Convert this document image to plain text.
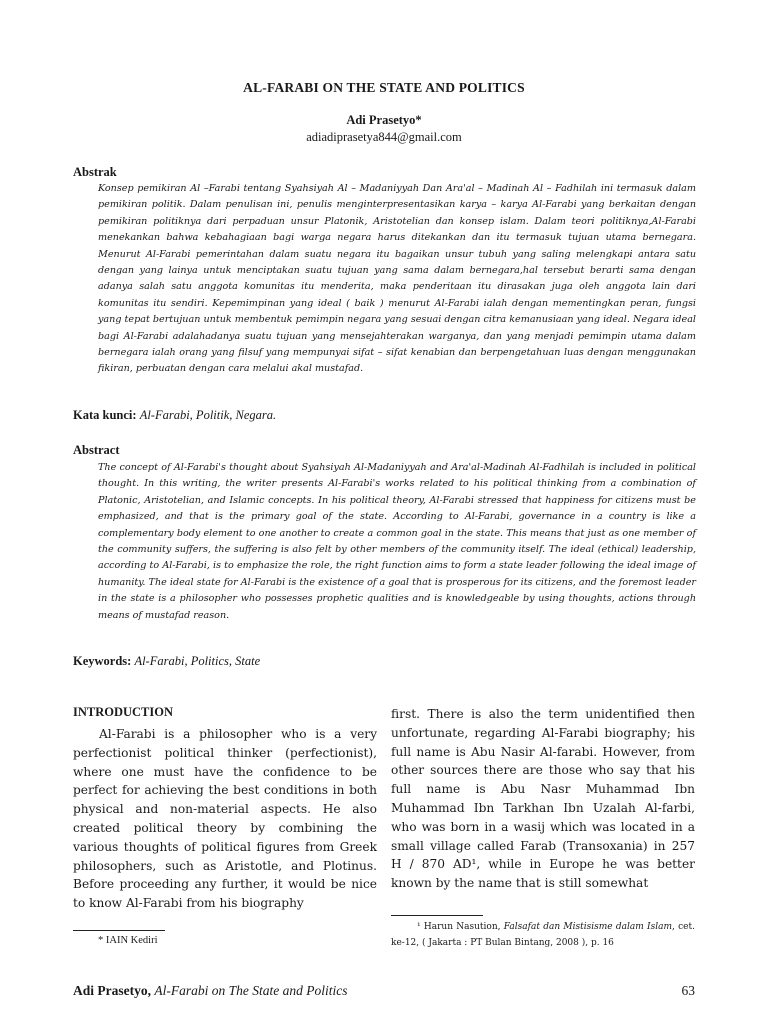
AL-FARABI ON THE STATE AND POLITICS
Adi Prasetyo*
adiadiprasetya844@gmail.com
Abstrak

Konsep pemikiran Al –Farabi tentang Syahsiyah Al – Madaniyyah Dan Ara'al – Madinah Al – Fadhilah ini termasuk dalam pemikiran politik. Dalam penulisan ini, penulis menginterpresentasikan karya – karya Al-Farabi yang berkaitan dengan pemikiran politiknya dari perpaduan unsur Platonik, Aristotelian dan konsep islam. Dalam teori politiknya,Al-Farabi menekankan bahwa kebahagiaan bagi warga negara harus ditekankan dan itu termasuk tujuan utama bernegara. Menurut Al-Farabi pemerintahan dalam suatu negara itu bagaikan unsur tubuh yang saling melengkapi antara satu dengan yang lainya untuk menciptakan suatu tujuan yang sama dalam bernegara,hal tersebut berarti sama dengan adanya salah satu anggota komunitas itu menderita, maka penderitaan itu dirasakan juga oleh anggota lain dari komunitas itu sendiri. Kepemimpinan yang ideal ( baik ) menurut Al-Farabi ialah dengan mementingkan peran, fungsi yang tepat bertujuan untuk membentuk pemimpin negara yang sesuai dengan citra kemanusiaan yang ideal. Negara ideal bagi Al-Farabi adalahadanya suatu tujuan yang mensejahterakan warganya, dan yang menjadi pemimpin utama dalam bernegara ialah orang yang filsuf yang mempunyai sifat – sifat kenabian dan berpengetahuan luas dengan menggunakan fikiran, perbuatan dengan cara melalui akal mustafad.

Kata kunci: Al-Farabi, Politik, Negara.
Abstract

The concept of Al-Farabi's thought about Syahsiyah Al-Madaniyyah and Ara'al-Madinah Al-Fadhilah is included in political thought. In this writing, the writer presents Al-Farabi's works related to his political thinking from a combination of Platonic, Aristotelian, and Islamic concepts. In his political theory, Al-Farabi stressed that happiness for citizens must be emphasized, and that is the primary goal of the state. According to Al-Farabi, governance in a country is like a complementary body element to one another to create a common goal in the state. This means that just as one member of the community suffers, the suffering is also felt by other members of the community itself. The ideal (ethical) leadership, according to Al-Farabi, is to emphasize the role, the right function aims to form a state leader following the ideal image of humanity. The ideal state for Al-Farabi is the existence of a goal that is prosperous for its citizens, and the foremost leader in the state is a philosopher who possesses prophetic qualities and is knowledgeable by using thoughts, actions through means of mustafad reason.

Keywords: Al-Farabi, Politics, State
INTRODUCTION

Al-Farabi is a philosopher who is a very perfectionist political thinker (perfectionist), where one must have the confidence to be perfect for achieving the best conditions in both physical and non-material aspects. He also created political theory by combining the various thoughts of political figures from Greek philosophers, such as Aristotle, and Plotinus. Before proceeding any further, it would be nice to know Al-Farabi from his biography

first. There is also the term unidentified then unfortunate, regarding Al-Farabi biography; his full name is Abu Nasir Al-farabi. However, from other sources there are those who say that his full name is Abu Nasr Muhammad Ibn Muhammad Ibn Tarkhan Ibn Uzalah Al-farbi, who was born in a wasij which was located in a small village called Farab (Transoxania) in 257 H / 870 AD¹, while in Europe he was better known by the name that is still somewhat

* IAIN Kediri

¹ Harun Nasution, Falsafat dan Mistisisme dalam Islam, cet. ke-12, ( Jakarta : PT Bulan Bintang, 2008 ), p. 16

Adi Prasetyo, Al-Farabi on The State and Politics	63
